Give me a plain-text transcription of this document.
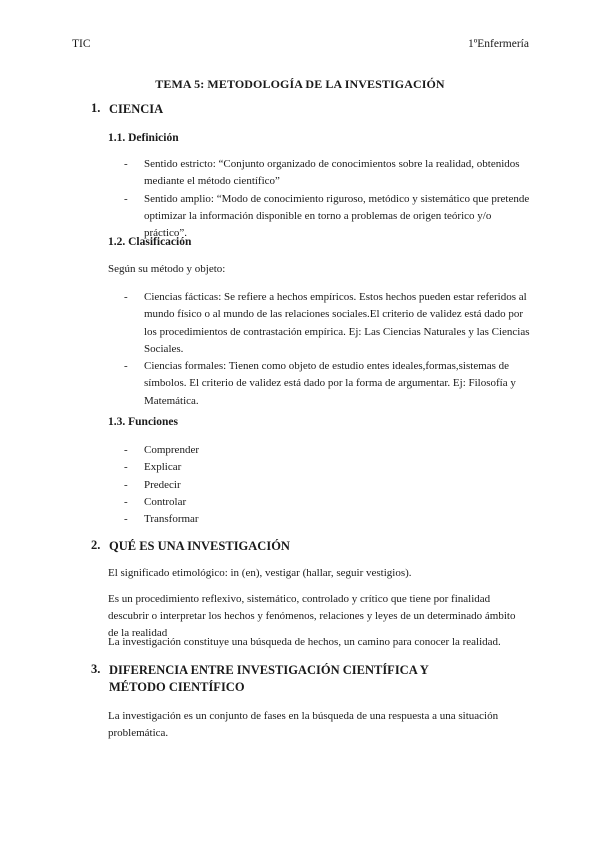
TIC	1ºEnfermería
TEMA 5: METODOLOGÍA DE LA INVESTIGACIÓN
1. CIENCIA
1.1. Definición
- Sentido estricto: “Conjunto organizado de conocimientos sobre la realidad, obtenidos mediante el método científico”
- Sentido amplio: “Modo de conocimiento riguroso, metódico y sistemático que pretende optimizar la información disponible en torno a problemas de origen teórico y/o práctico”.
1.2. Clasificación
Según su método y objeto:
- Ciencias fácticas: Se refiere a hechos empíricos. Estos hechos pueden estar referidos al mundo físico o al mundo de las relaciones sociales.El criterio de validez está dado por los procedimientos de contrastación empírica. Ej: Las Ciencias Naturales y las Ciencias Sociales.
- Ciencias formales: Tienen como objeto de estudio entes ideales,formas,sistemas de símbolos. El criterio de validez está dado por la forma de argumentar. Ej: Filosofía y Matemática.
1.3. Funciones
- Comprender
- Explicar
- Predecir
- Controlar
- Transformar
2. QUÉ ES UNA INVESTIGACIÓN
El significado etimológico: in (en), vestigar (hallar, seguir vestigios).
Es un procedimiento reflexivo, sistemático, controlado y crítico que tiene por finalidad descubrir o interpretar los hechos y fenómenos, relaciones y leyes de un determinado ámbito de la realidad
La investigación constituye una búsqueda de hechos, un camino para conocer la realidad.
3. DIFERENCIA ENTRE INVESTIGACIÓN CIENTÍFICA Y MÉTODO CIENTÍFICO
La investigación es un conjunto de fases en la búsqueda de una respuesta a una situación problemática.
